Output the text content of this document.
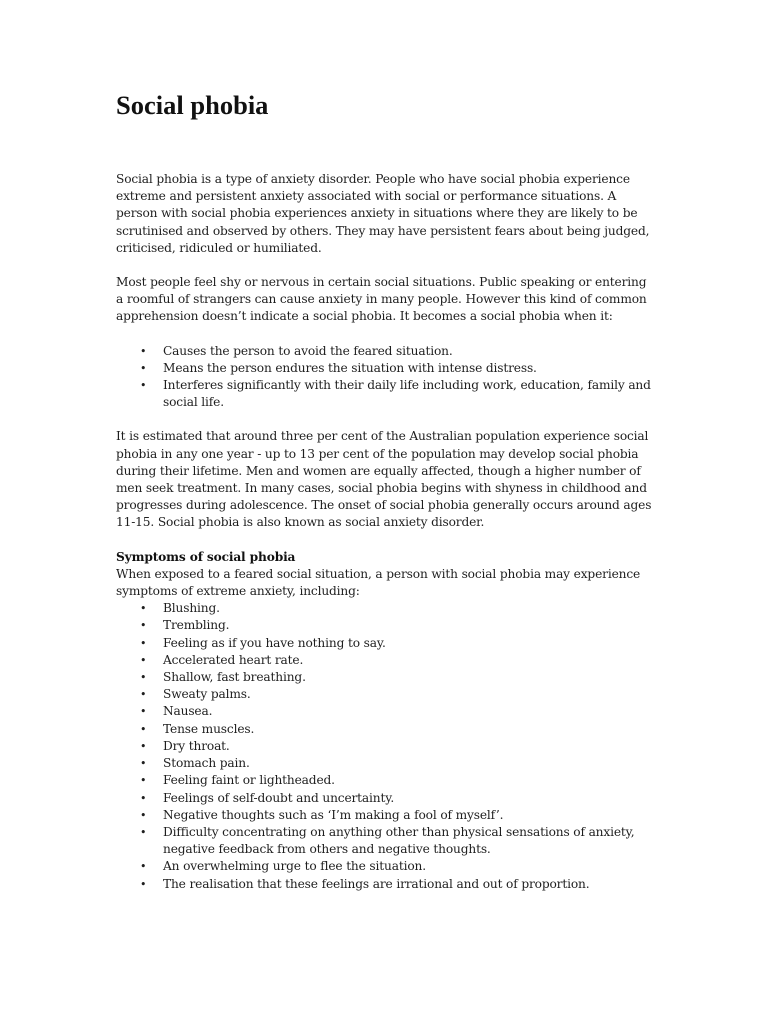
Social phobia

Social phobia is a type of anxiety disorder. People who have social phobia experience extreme and persistent anxiety associated with social or performance situations. A person with social phobia experiences anxiety in situations where they are likely to be scrutinised and observed by others. They may have persistent fears about being judged, criticised, ridiculed or humiliated.

Most people feel shy or nervous in certain social situations. Public speaking or entering a roomful of strangers can cause anxiety in many people. However this kind of common apprehension doesn’t indicate a social phobia. It becomes a social phobia when it:

• Causes the person to avoid the feared situation.
• Means the person endures the situation with intense distress.
• Interferes significantly with their daily life including work, education, family and social life.

It is estimated that around three per cent of the Australian population experience social phobia in any one year - up to 13 per cent of the population may develop social phobia during their lifetime. Men and women are equally affected, though a higher number of men seek treatment. In many cases, social phobia begins with shyness in childhood and progresses during adolescence. The onset of social phobia generally occurs around ages 11-15. Social phobia is also known as social anxiety disorder.

Symptoms of social phobia

When exposed to a feared social situation, a person with social phobia may experience symptoms of extreme anxiety, including:

• Blushing.
• Trembling.
• Feeling as if you have nothing to say.
• Accelerated heart rate.
• Shallow, fast breathing.
• Sweaty palms.
• Nausea.
• Tense muscles.
• Dry throat.
• Stomach pain.
• Feeling faint or lightheaded.
• Feelings of self-doubt and uncertainty.
• Negative thoughts such as ‘I’m making a fool of myself’.
• Difficulty concentrating on anything other than physical sensations of anxiety, negative feedback from others and negative thoughts.
• An overwhelming urge to flee the situation.
• The realisation that these feelings are irrational and out of proportion.
